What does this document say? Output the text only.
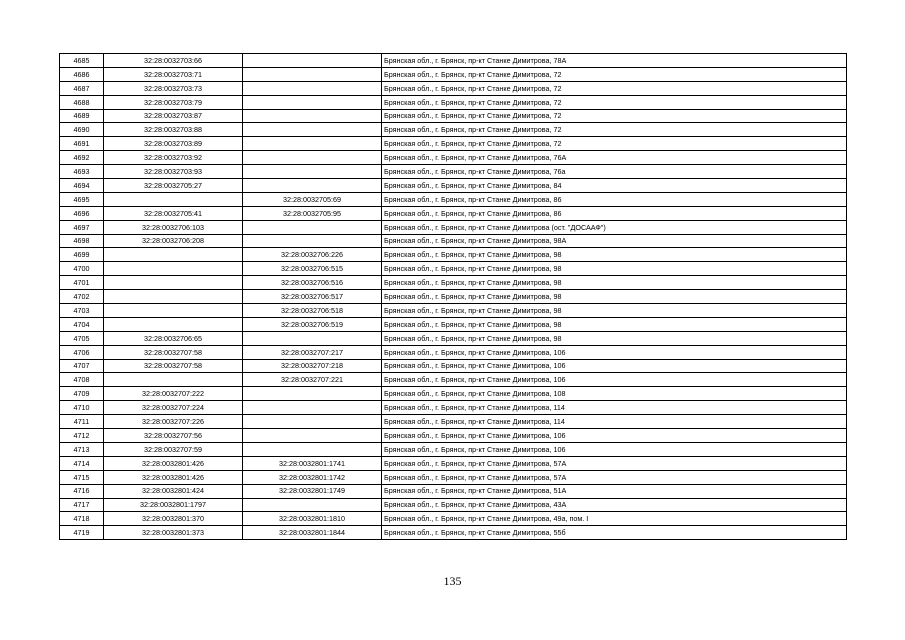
4685	32:28:0032703:66		Брянская обл., г. Брянск, пр-кт Станке Димитрова, 78А
4686	32:28:0032703:71		Брянская обл., г. Брянск, пр-кт Станке Димитрова, 72
4687	32:28:0032703:73		Брянская обл., г. Брянск, пр-кт Станке Димитрова, 72
4688	32:28:0032703:79		Брянская обл., г. Брянск, пр-кт Станке Димитрова, 72
4689	32:28:0032703:87		Брянская обл., г. Брянск, пр-кт Станке Димитрова, 72
4690	32:28:0032703:88		Брянская обл., г. Брянск, пр-кт Станке Димитрова, 72
4691	32:28:0032703:89		Брянская обл., г. Брянск, пр-кт Станке Димитрова, 72
4692	32:28:0032703:92		Брянская обл., г. Брянск, пр-кт Станке Димитрова, 76А
4693	32:28:0032703:93		Брянская обл., г. Брянск, пр-кт Станке Димитрова, 76а
4694	32:28:0032705:27		Брянская обл., г. Брянск, пр-кт Станке Димитрова, 84
4695		32:28:0032705:69	Брянская обл., г. Брянск, пр-кт Станке Димитрова, 86
4696	32:28:0032705:41	32:28:0032705:95	Брянская обл., г. Брянск, пр-кт Станке Димитрова, 86
4697	32:28:0032706:103		Брянская обл., г. Брянск, пр-кт Станке Димитрова (ост. "ДОСААФ")
4698	32:28:0032706:208		Брянская обл., г. Брянск, пр-кт Станке Димитрова, 98А
4699		32:28:0032706:226	Брянская обл., г. Брянск, пр-кт Станке Димитрова, 98
4700		32:28:0032706:515	Брянская обл., г. Брянск, пр-кт Станке Димитрова, 98
4701		32:28:0032706:516	Брянская обл., г. Брянск, пр-кт Станке Димитрова, 98
4702		32:28:0032706:517	Брянская обл., г. Брянск, пр-кт Станке Димитрова, 98
4703		32:28:0032706:518	Брянская обл., г. Брянск, пр-кт Станке Димитрова, 98
4704		32:28:0032706:519	Брянская обл., г. Брянск, пр-кт Станке Димитрова, 98
4705	32:28:0032706:65		Брянская обл., г. Брянск, пр-кт Станке Димитрова, 98
4706	32:28:0032707:58	32:28:0032707:217	Брянская обл., г. Брянск, пр-кт Станке Димитрова, 106
4707	32:28:0032707:58	32:28:0032707:218	Брянская обл., г. Брянск, пр-кт Станке Димитрова, 106
4708		32:28:0032707:221	Брянская обл., г. Брянск, пр-кт Станке Димитрова, 106
4709	32:28:0032707:222		Брянская обл., г. Брянск, пр-кт Станке Димитрова, 108
4710	32:28:0032707:224		Брянская обл., г. Брянск, пр-кт Станке Димитрова, 114
4711	32:28:0032707:226		Брянская обл., г. Брянск, пр-кт Станке Димитрова, 114
4712	32:28:0032707:56		Брянская обл., г. Брянск, пр-кт Станке Димитрова, 106
4713	32:28:0032707:59		Брянская обл., г. Брянск, пр-кт Станке Димитрова, 106
4714	32:28:0032801:426	32:28:0032801:1741	Брянская обл., г. Брянск, пр-кт Станке Димитрова, 57А
4715	32:28:0032801:426	32:28:0032801:1742	Брянская обл., г. Брянск, пр-кт Станке Димитрова, 57А
4716	32:28:0032801:424	32:28:0032801:1749	Брянская обл., г. Брянск, пр-кт Станке Димитрова, 51А
4717	32:28:0032801:1797		Брянская обл., г. Брянск, пр-кт Станке Димитрова, 43А
4718	32:28:0032801:370	32:28:0032801:1810	Брянская обл., г. Брянск, пр-кт Станке Димитрова, 49а, пом. I
4719	32:28:0032801:373	32:28:0032801:1844	Брянская обл., г. Брянск, пр-кт Станке Димитрова, 55б
135
